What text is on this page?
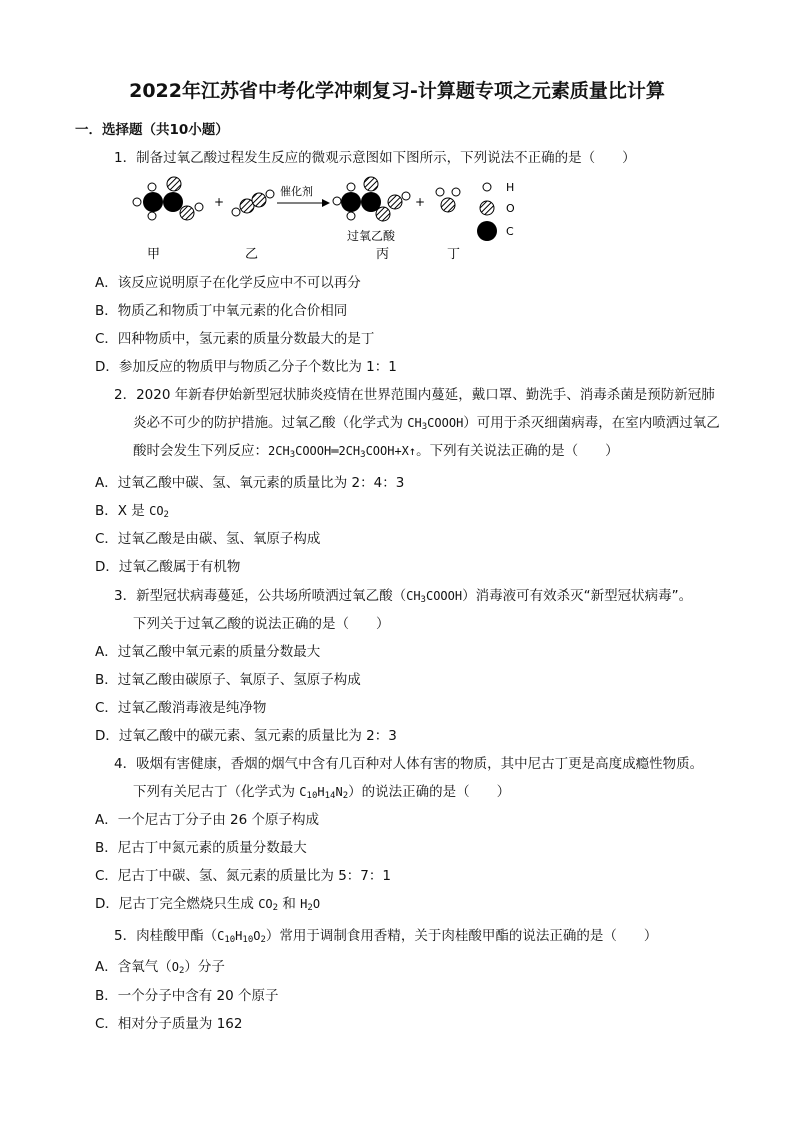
2022年江苏省中考化学冲刺复习-计算题专项之元素质量比计算
一．选择题（共10小题）
1．制备过氧乙酸过程发生反应的微观示意图如下图所示，下列说法不正确的是（　　）
+
催化剂
+
H
O
C
过氧乙酸
甲	乙	丙	丁
A．该反应说明原子在化学反应中不可以再分
B．物质乙和物质丁中氧元素的化合价相同
C．四种物质中，氢元素的质量分数最大的是丁
D．参加反应的物质甲与物质乙分子个数比为 1：1
2．2020 年新春伊始新型冠状肺炎疫情在世界范围内蔓延，戴口罩、勤洗手、消毒杀菌是预防新冠肺
炎必不可少的防护措施。过氧乙酸（化学式为 $CH_3COOOH$）可用于杀灭细菌病毒，在室内喷洒过氧乙
酸时会发生下列反应：$2CH_3COOOH═2CH_3COOH+X↑$。下列有关说法正确的是（　　）
A．过氧乙酸中碳、氢、氧元素的质量比为 2：4：3
B．X 是 $CO_2$
C．过氧乙酸是由碳、氢、氧原子构成
D．过氧乙酸属于有机物
3．新型冠状病毒蔓延，公共场所喷洒过氧乙酸$(CH_3COOOH)$消毒液可有效杀灭“新型冠状病毒”。
下列关于过氧乙酸的说法正确的是（　　）
A．过氧乙酸中氧元素的质量分数最大
B．过氧乙酸由碳原子、氧原子、氢原子构成
C．过氧乙酸消毒液是纯净物
D．过氧乙酸中的碳元素、氢元素的质量比为 2：3
4．吸烟有害健康，香烟的烟气中含有几百种对人体有害的物质，其中尼古丁更是高度成瘾性物质。
下列有关尼古丁（化学式为 $C_{10}H_{14}N_2$）的说法正确的是（　　）
A．一个尼古丁分子由 26 个原子构成
B．尼古丁中氮元素的质量分数最大
C．尼古丁中碳、氢、氮元素的质量比为 5：7：1
D．尼古丁完全燃烧只生成 $CO_2$ 和 $H_2O$
5．肉桂酸甲酯$(C_{10}H_{10}O_2)$常用于调制食用香精，关于肉桂酸甲酯的说法正确的是（　　）
A．含氧气$(O_2)$分子
B．一个分子中含有 20 个原子
C．相对分子质量为 162
